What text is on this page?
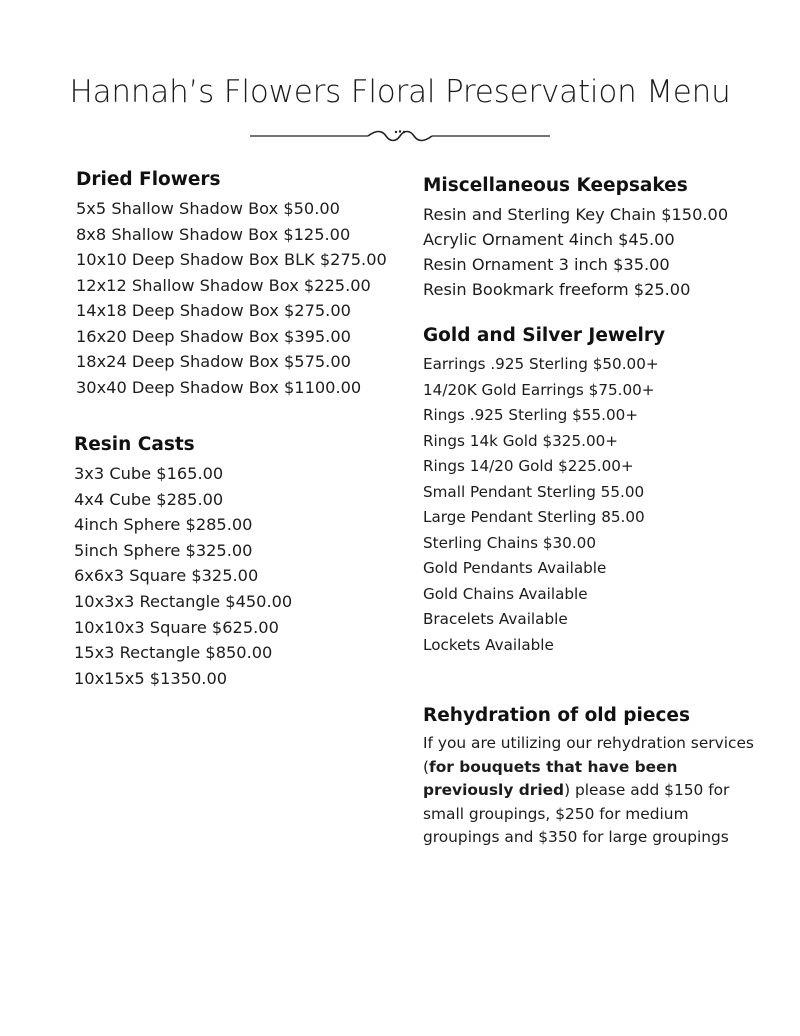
Hannah’s Flowers Floral Preservation Menu
Dried Flowers
5x5 Shallow Shadow Box $50.00
8x8 Shallow Shadow Box $125.00
10x10 Deep Shadow Box BLK $275.00
12x12 Shallow Shadow Box $225.00
14x18 Deep Shadow Box $275.00
16x20 Deep Shadow Box $395.00
18x24 Deep Shadow Box $575.00
30x40 Deep Shadow Box $1100.00
Resin Casts
3x3 Cube $165.00
4x4 Cube $285.00
4inch Sphere $285.00
5inch Sphere $325.00
6x6x3 Square $325.00
10x3x3 Rectangle $450.00
10x10x3 Square $625.00
15x3 Rectangle $850.00
10x15x5 $1350.00
Miscellaneous Keepsakes
Resin and Sterling Key Chain $150.00
Acrylic Ornament 4inch $45.00
Resin Ornament 3 inch $35.00
Resin Bookmark freeform $25.00
Gold and Silver Jewelry
Earrings .925 Sterling $50.00+
14/20K Gold Earrings $75.00+
Rings .925 Sterling $55.00+
Rings 14k Gold $325.00+
Rings 14/20 Gold $225.00+
Small Pendant Sterling 55.00
Large Pendant Sterling 85.00
Sterling Chains $30.00
Gold Pendants Available
Gold Chains Available
Bracelets Available
Lockets Available
Rehydration of old pieces

If you are utilizing our rehydration services (for bouquets that have been previously dried) please add $150 for small groupings, $250 for medium groupings and $350 for large groupings
